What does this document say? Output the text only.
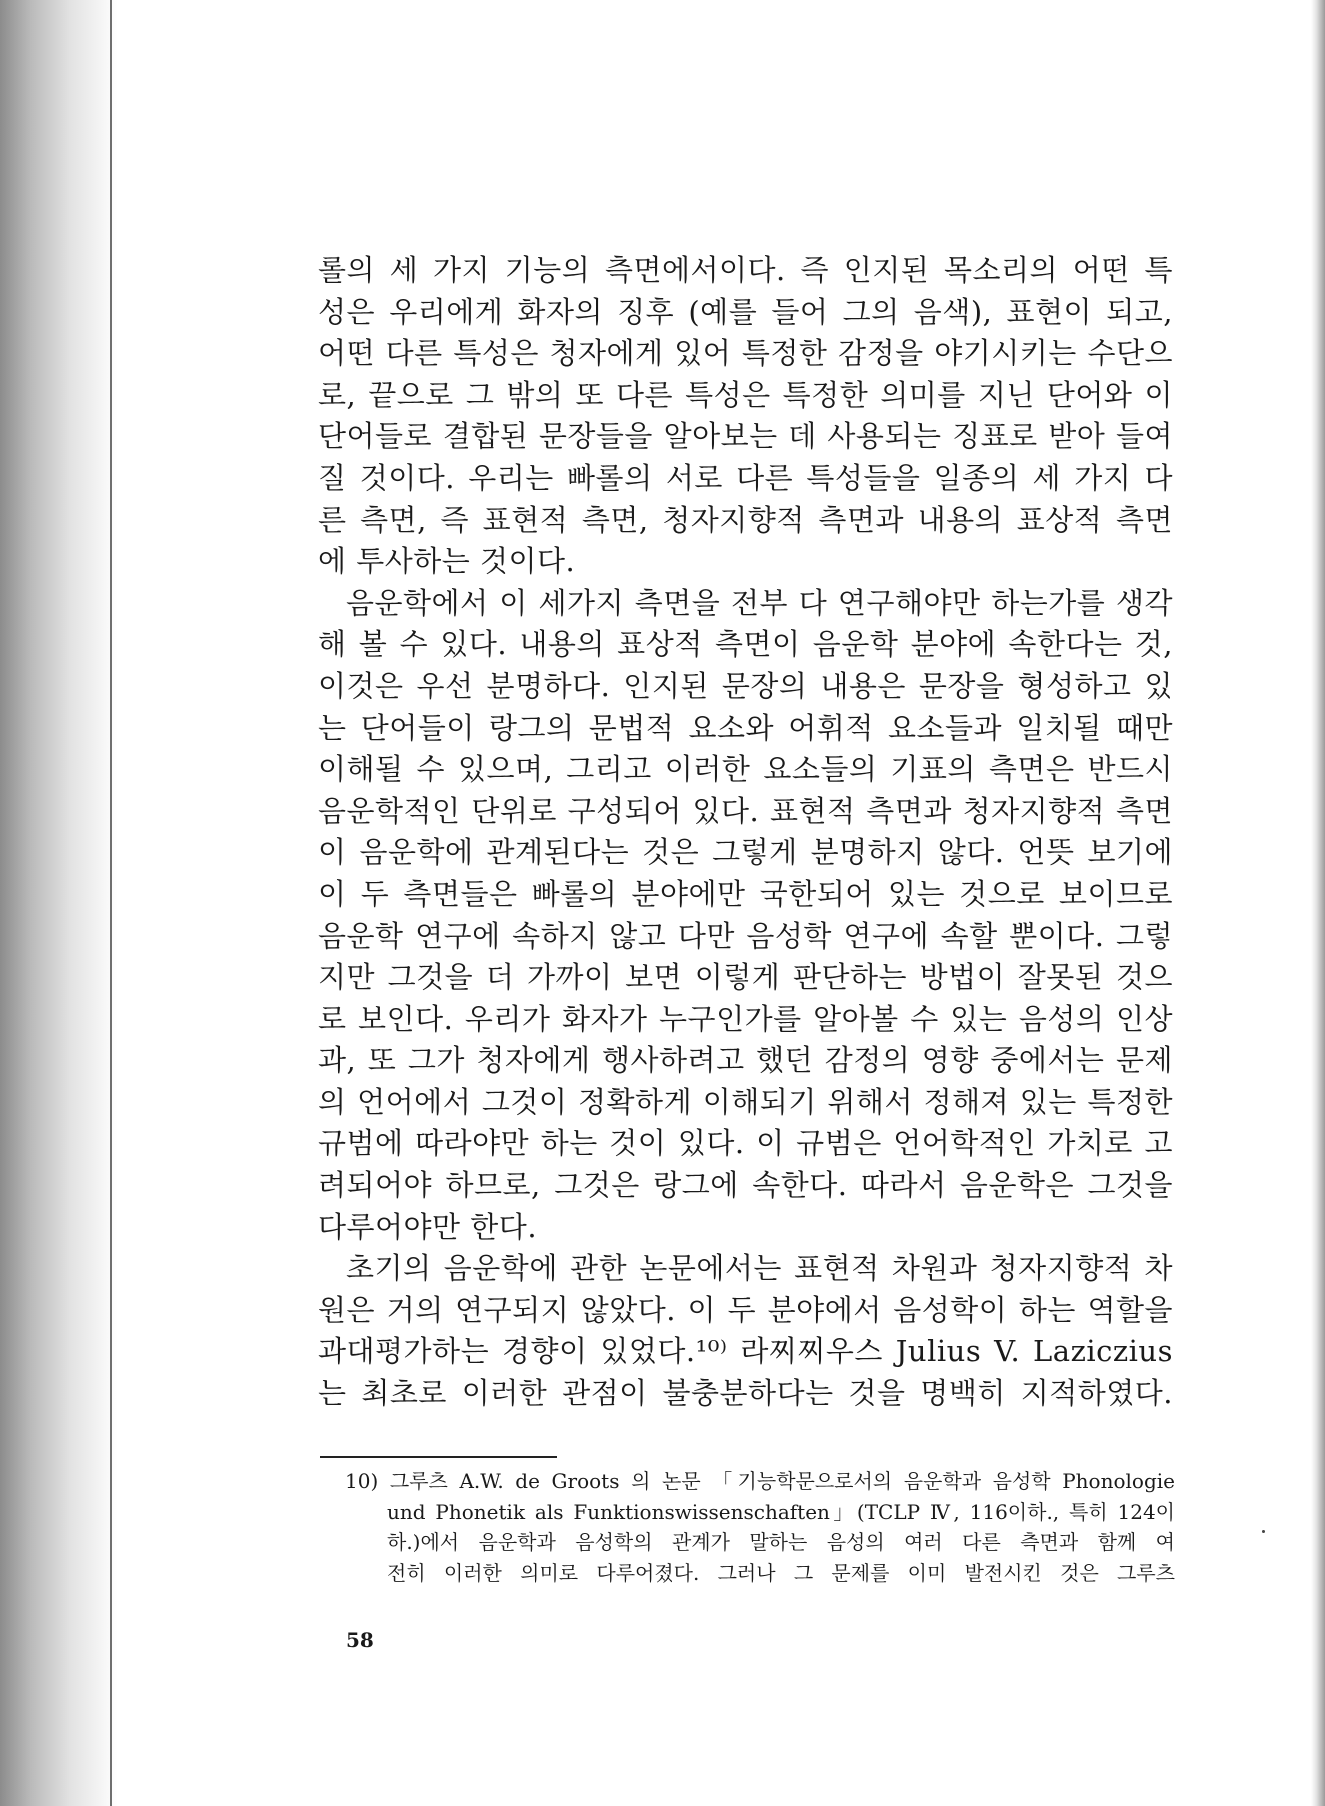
롤의 세 가지 기능의 측면에서이다. 즉 인지된 목소리의 어떤 특
성은 우리에게 화자의 징후 (예를 들어 그의 음색), 표현이 되고,
어떤 다른 특성은 청자에게 있어 특정한 감정을 야기시키는 수단으
로, 끝으로 그 밖의 또 다른 특성은 특정한 의미를 지닌 단어와 이
단어들로 결합된 문장들을 알아보는 데 사용되는 징표로 받아 들여
질 것이다. 우리는 빠롤의 서로 다른 특성들을 일종의 세 가지 다
른 측면, 즉 표현적 측면, 청자지향적 측면과 내용의 표상적 측면
에 투사하는 것이다.
음운학에서 이 세가지 측면을 전부 다 연구해야만 하는가를 생각
해 볼 수 있다. 내용의 표상적 측면이 음운학 분야에 속한다는 것,
이것은 우선 분명하다. 인지된 문장의 내용은 문장을 형성하고 있
는 단어들이 랑그의 문법적 요소와 어휘적 요소들과 일치될 때만
이해될 수 있으며, 그리고 이러한 요소들의 기표의 측면은 반드시
음운학적인 단위로 구성되어 있다. 표현적 측면과 청자지향적 측면
이 음운학에 관계된다는 것은 그렇게 분명하지 않다. 언뜻 보기에
이 두 측면들은 빠롤의 분야에만 국한되어 있는 것으로 보이므로
음운학 연구에 속하지 않고 다만 음성학 연구에 속할 뿐이다. 그렇
지만 그것을 더 가까이 보면 이렇게 판단하는 방법이 잘못된 것으
로 보인다. 우리가 화자가 누구인가를 알아볼 수 있는 음성의 인상
과, 또 그가 청자에게 행사하려고 했던 감정의 영향 중에서는 문제
의 언어에서 그것이 정확하게 이해되기 위해서 정해져 있는 특정한
규범에 따라야만 하는 것이 있다. 이 규범은 언어학적인 가치로 고
려되어야 하므로, 그것은 랑그에 속한다. 따라서 음운학은 그것을
다루어야만 한다.
초기의 음운학에 관한 논문에서는 표현적 차원과 청자지향적 차
원은 거의 연구되지 않았다. 이 두 분야에서 음성학이 하는 역할을
과대평가하는 경향이 있었다.¹⁰⁾ 라찌찌우스 Julius V. Laziczius
는 최초로 이러한 관점이 불충분하다는 것을 명백히 지적하였다.
10) 그루츠 A.W. de Groots 의 논문 「기능학문으로서의 음운학과 음성학 Phonologie
und Phonetik als Funktionswissenschaften」(TCLP Ⅳ, 116이하., 특히 124이
하.)에서 음운학과 음성학의 관계가 말하는 음성의 여러 다른 측면과 함께 여
전히 이러한 의미로 다루어졌다. 그러나 그 문제를 이미 발전시킨 것은 그루츠
58
